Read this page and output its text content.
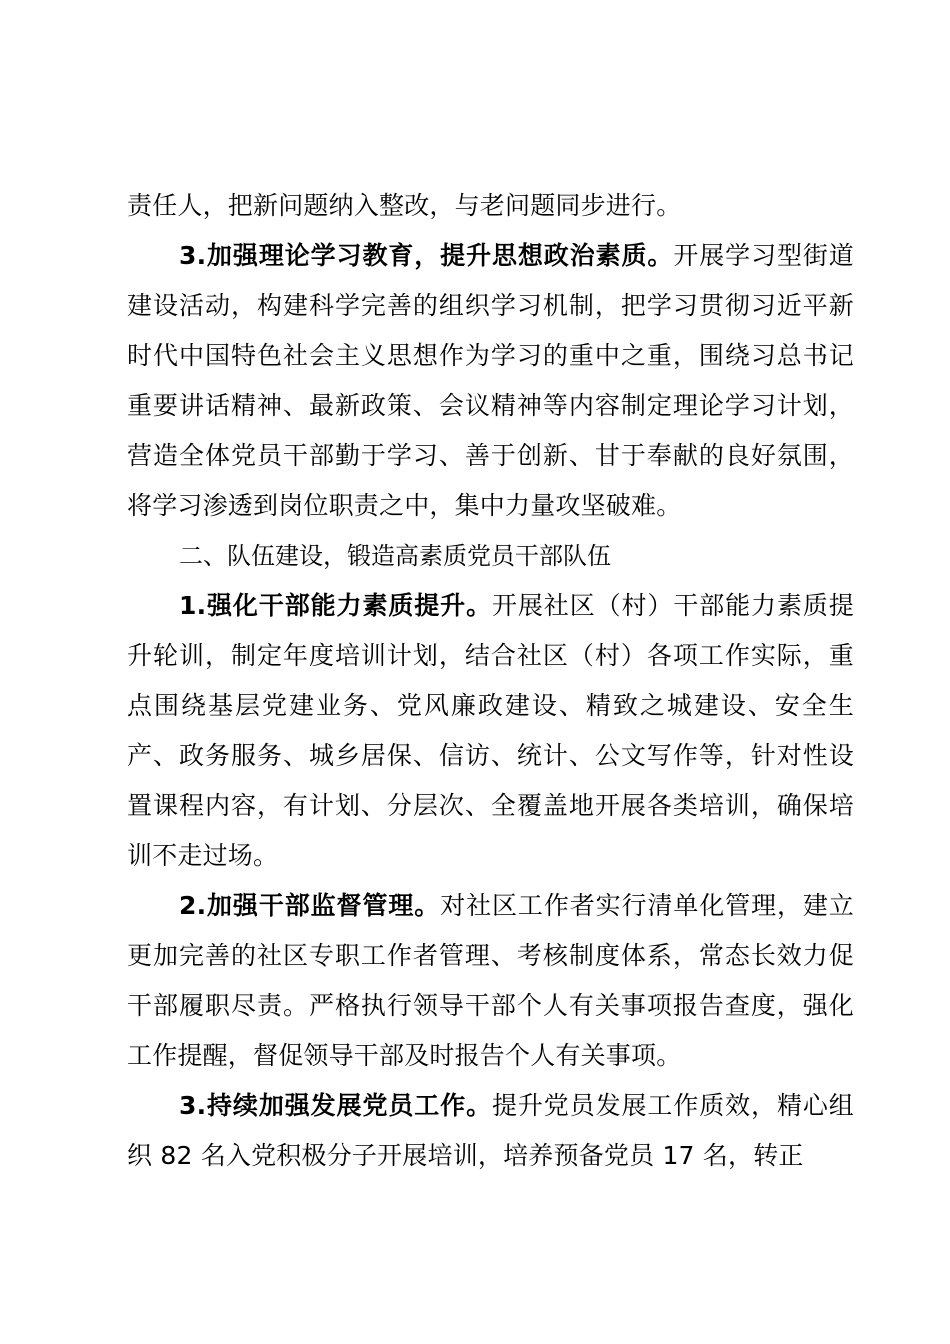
责任人，把新问题纳入整改，与老问题同步进行。

3.加强理论学习教育，提升思想政治素质。开展学习型街道建设活动，构建科学完善的组织学习机制，把学习贯彻习近平新时代中国特色社会主义思想作为学习的重中之重，围绕习总书记重要讲话精神、最新政策、会议精神等内容制定理论学习计划，营造全体党员干部勤于学习、善于创新、甘于奉献的良好氛围，将学习渗透到岗位职责之中，集中力量攻坚破难。

二、队伍建设，锻造高素质党员干部队伍

1.强化干部能力素质提升。开展社区（村）干部能力素质提升轮训，制定年度培训计划，结合社区（村）各项工作实际，重点围绕基层党建业务、党风廉政建设、精致之城建设、安全生产、政务服务、城乡居保、信访、统计、公文写作等，针对性设置课程内容，有计划、分层次、全覆盖地开展各类培训，确保培训不走过场。

2.加强干部监督管理。对社区工作者实行清单化管理，建立更加完善的社区专职工作者管理、考核制度体系，常态长效力促干部履职尽责。严格执行领导干部个人有关事项报告查度，强化工作提醒，督促领导干部及时报告个人有关事项。

3.持续加强发展党员工作。提升党员发展工作质效，精心组织 82 名入党积极分子开展培训，培养预备党员 17 名，转正
